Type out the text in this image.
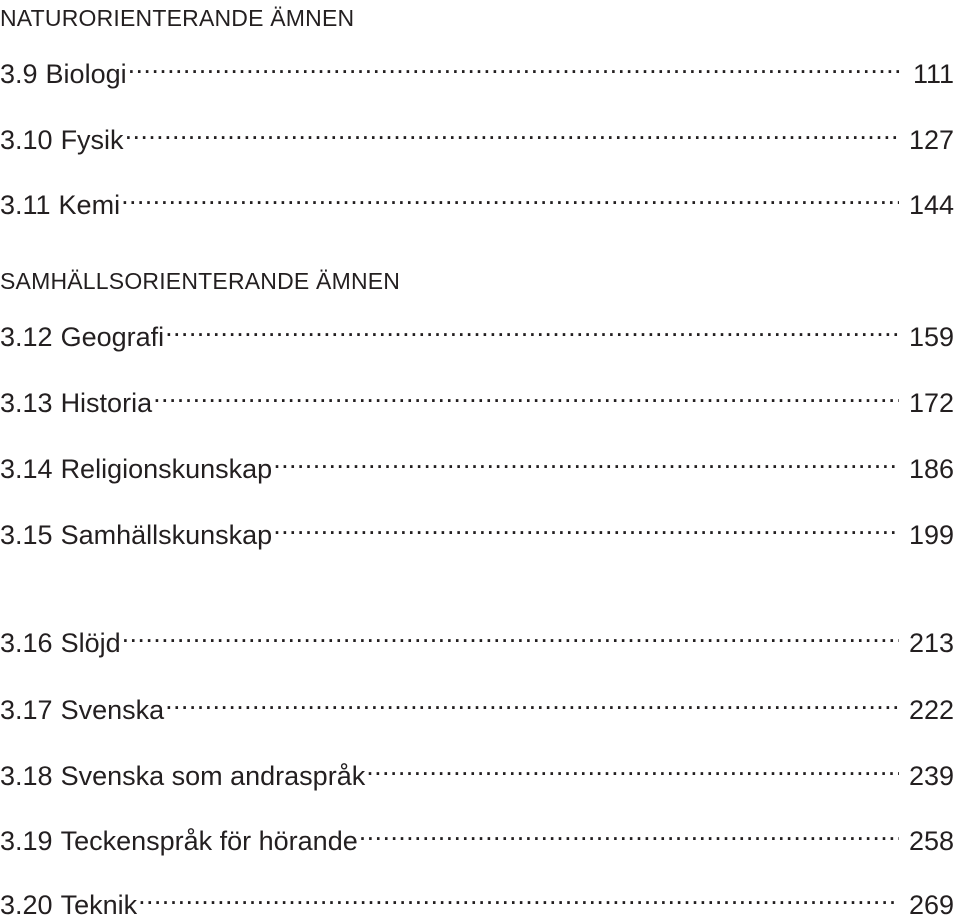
NATURORIENTERANDE ÄMNEN
3.9 Biologi .....	111
3.10 Fysik .....	127
3.11 Kemi .....	144
SAMHÄLLSORIENTERANDE ÄMNEN
3.12 Geografi .....	159
3.13 Historia .....	172
3.14 Religionskunskap .....	186
3.15 Samhällskunskap .....	199
3.16 Slöjd .....	213
3.17 Svenska .....	222
3.18 Svenska som andraspråk .....	239
3.19 Teckenspråk för hörande .....	258
3.20 Teknik .....	269
